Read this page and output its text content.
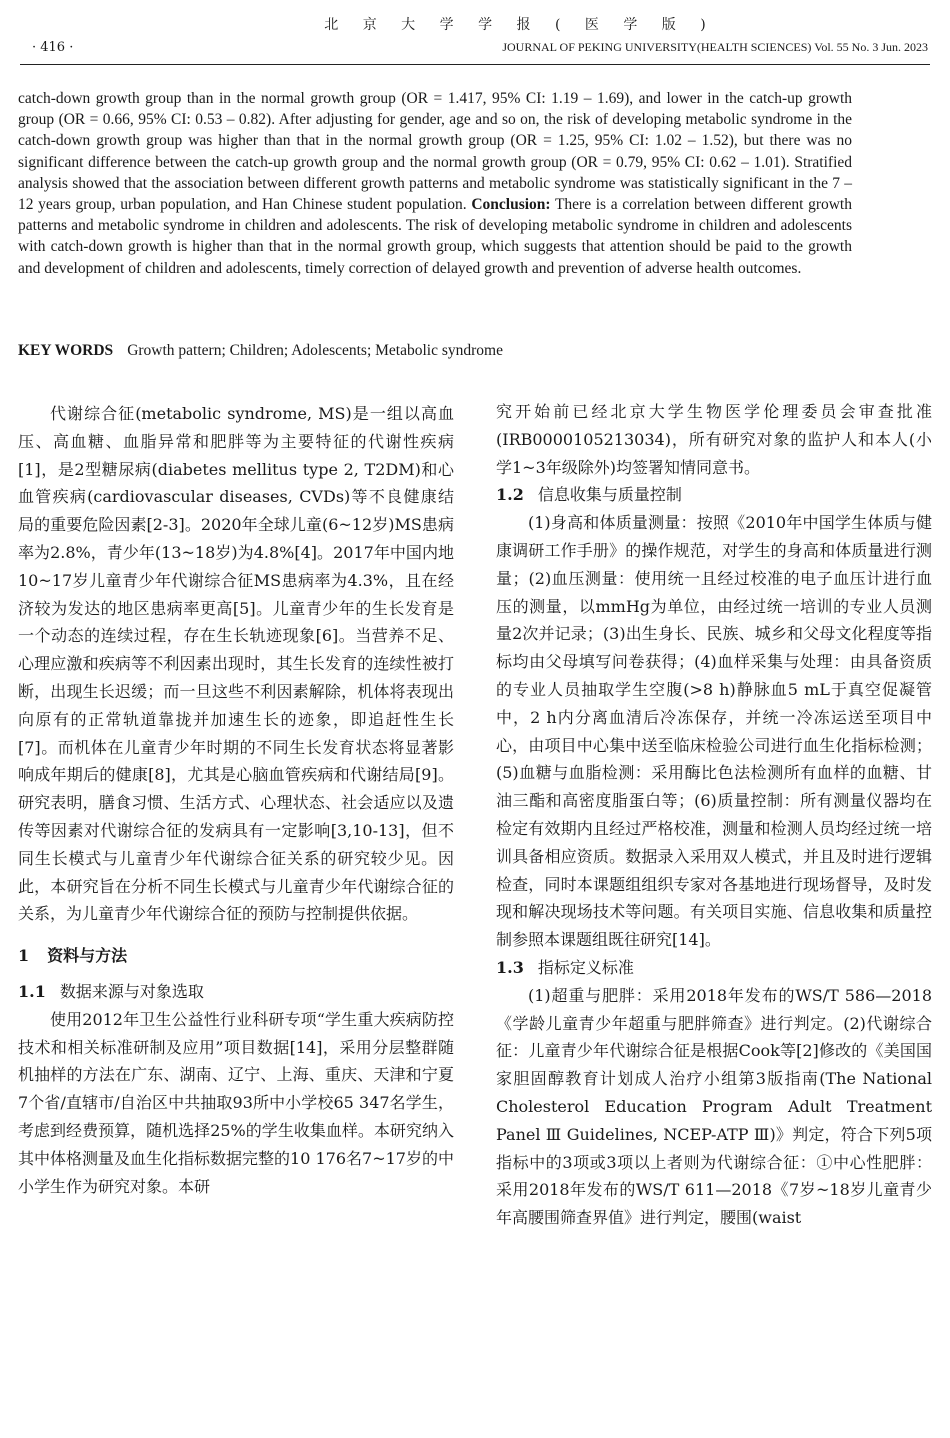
北 京 大 学 学 报 ( 医 学 版 )
· 416 ·	JOURNAL OF PEKING UNIVERSITY(HEALTH SCIENCES) Vol. 55 No. 3 Jun. 2023

catch-down growth group than in the normal growth group (OR = 1.417, 95% CI: 1.19 – 1.69), and lower in the catch-up growth group (OR = 0.66, 95% CI: 0.53 – 0.82). After adjusting for gender, age and so on, the risk of developing metabolic syndrome in the catch-down growth group was higher than that in the normal growth group (OR = 1.25, 95% CI: 1.02 – 1.52), but there was no significant difference between the catch-up growth group and the normal growth group (OR = 0.79, 95% CI: 0.62 – 1.01). Stratified analysis showed that the association between different growth patterns and metabolic syndrome was statistically significant in the 7 – 12 years group, urban population, and Han Chinese student population. Conclusion: There is a correlation between different growth patterns and metabolic syndrome in children and adolescents. The risk of developing metabolic syndrome in children and adolescents with catch-down growth is higher than that in the normal growth group, which suggests that attention should be paid to the growth and development of children and adolescents, timely correction of delayed growth and prevention of adverse health outcomes.

KEY WORDS Growth pattern; Children; Adolescents; Metabolic syndrome

代谢综合征(metabolic syndrome, MS)是一组以高血压、高血糖、血脂异常和肥胖等为主要特征的代谢性疾病[1]，是2型糖尿病(diabetes mellitus type 2, T2DM)和心血管疾病(cardiovascular diseases, CVDs)等不良健康结局的重要危险因素[2-3]。2020年全球儿童(6~12岁)MS患病率为2.8%，青少年(13~18岁)为4.8%[4]。2017年中国内地10~17岁儿童青少年代谢综合征MS患病率为4.3%，且在经济较为发达的地区患病率更高[5]。儿童青少年的生长发育是一个动态的连续过程，存在生长轨迹现象[6]。当营养不足、心理应激和疾病等不利因素出现时，其生长发育的连续性被打断，出现生长迟缓；而一旦这些不利因素解除，机体将表现出向原有的正常轨道靠拢并加速生长的迹象，即追赶性生长[7]。而机体在儿童青少年时期的不同生长发育状态将显著影响成年期后的健康[8]，尤其是心脑血管疾病和代谢结局[9]。研究表明，膳食习惯、生活方式、心理状态、社会适应以及遗传等因素对代谢综合征的发病具有一定影响[3,10-13]，但不同生长模式与儿童青少年代谢综合征关系的研究较少见。因此，本研究旨在分析不同生长模式与儿童青少年代谢综合征的关系，为儿童青少年代谢综合征的预防与控制提供依据。

1 资料与方法

1.1 数据来源与对象选取

使用2012年卫生公益性行业科研专项“学生重大疾病防控技术和相关标准研制及应用”项目数据[14]，采用分层整群随机抽样的方法在广东、湖南、辽宁、上海、重庆、天津和宁夏7个省/直辖市/自治区中共抽取93所中小学校65 347名学生，考虑到经费预算，随机选择25%的学生收集血样。本研究纳入其中体格测量及血生化指标数据完整的10 176名7~17岁的中小学生作为研究对象。本研

究开始前已经北京大学生物医学伦理委员会审查批准(IRB0000105213034)，所有研究对象的监护人和本人(小学1~3年级除外)均签署知情同意书。

1.2 信息收集与质量控制

(1)身高和体质量测量：按照《2010年中国学生体质与健康调研工作手册》的操作规范，对学生的身高和体质量进行测量；(2)血压测量：使用统一且经过校准的电子血压计进行血压的测量，以mmHg为单位，由经过统一培训的专业人员测量2次并记录；(3)出生身长、民族、城乡和父母文化程度等指标均由父母填写问卷获得；(4)血样采集与处理：由具备资质的专业人员抽取学生空腹(>8 h)静脉血5 mL于真空促凝管中，2 h内分离血清后冷冻保存，并统一冷冻运送至项目中心，由项目中心集中送至临床检验公司进行血生化指标检测；(5)血糖与血脂检测：采用酶比色法检测所有血样的血糖、甘油三酯和高密度脂蛋白等；(6)质量控制：所有测量仪器均在检定有效期内且经过严格校准，测量和检测人员均经过统一培训具备相应资质。数据录入采用双人模式，并且及时进行逻辑检查，同时本课题组组织专家对各基地进行现场督导，及时发现和解决现场技术等问题。有关项目实施、信息收集和质量控制参照本课题组既往研究[14]。

1.3 指标定义标准

(1)超重与肥胖：采用2018年发布的WS/T 586—2018《学龄儿童青少年超重与肥胖筛查》进行判定。(2)代谢综合征：儿童青少年代谢综合征是根据Cook等[2]修改的《美国国家胆固醇教育计划成人治疗小组第3版指南(The National Cholesterol Education Program Adult Treatment Panel Ⅲ Guidelines, NCEP-ATP Ⅲ)》判定，符合下列5项指标中的3项或3项以上者则为代谢综合征：①中心性肥胖：采用2018年发布的WS/T 611—2018《7岁~18岁儿童青少年高腰围筛查界值》进行判定，腰围(waist
